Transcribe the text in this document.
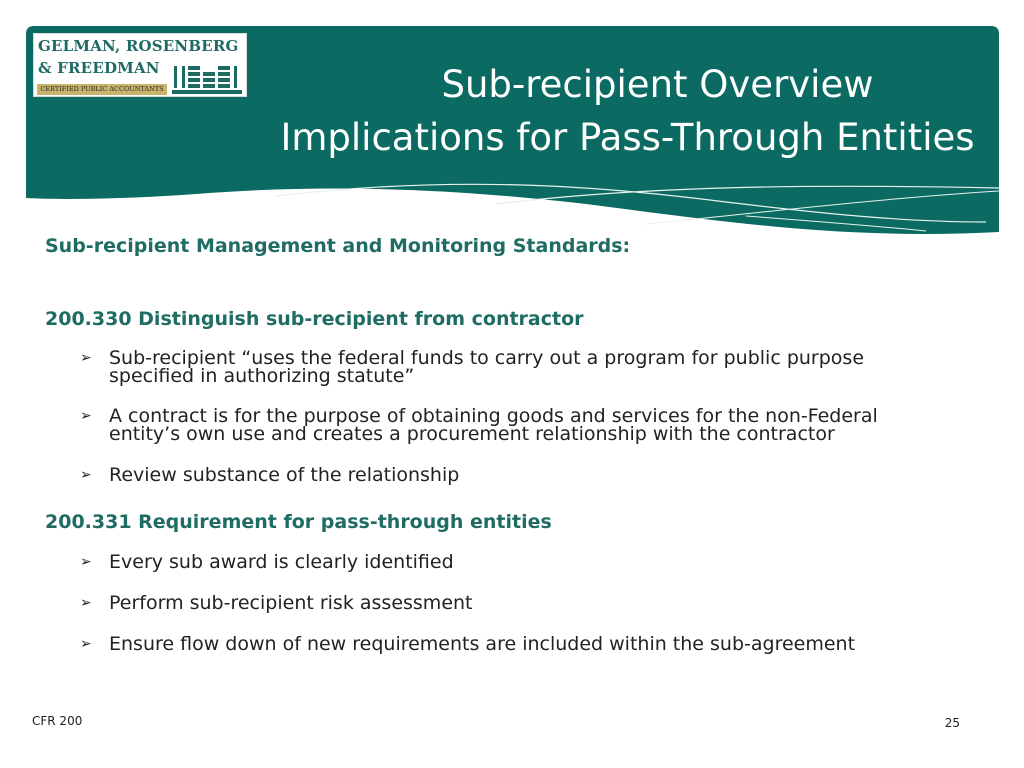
GELMAN, ROSENBERG
& FREEDMAN
CERTIFIED PUBLIC ACCOUNTANTS	Sub-recipient Overview
Implications for Pass-Through Entities
Sub-recipient Management and Monitoring Standards:
200.330 Distinguish sub-recipient from contractor
➢ Sub-recipient “uses the federal funds to carry out a program for public purpose
specified in authorizing statute”
➢ A contract is for the purpose of obtaining goods and services for the non-Federal
entity’s own use and creates a procurement relationship with the contractor
➢ Review substance of the relationship
200.331 Requirement for pass-through entities
➢ Every sub award is clearly identified
➢ Perform sub-recipient risk assessment
➢ Ensure flow down of new requirements are included within the sub-agreement
CFR 200	25
